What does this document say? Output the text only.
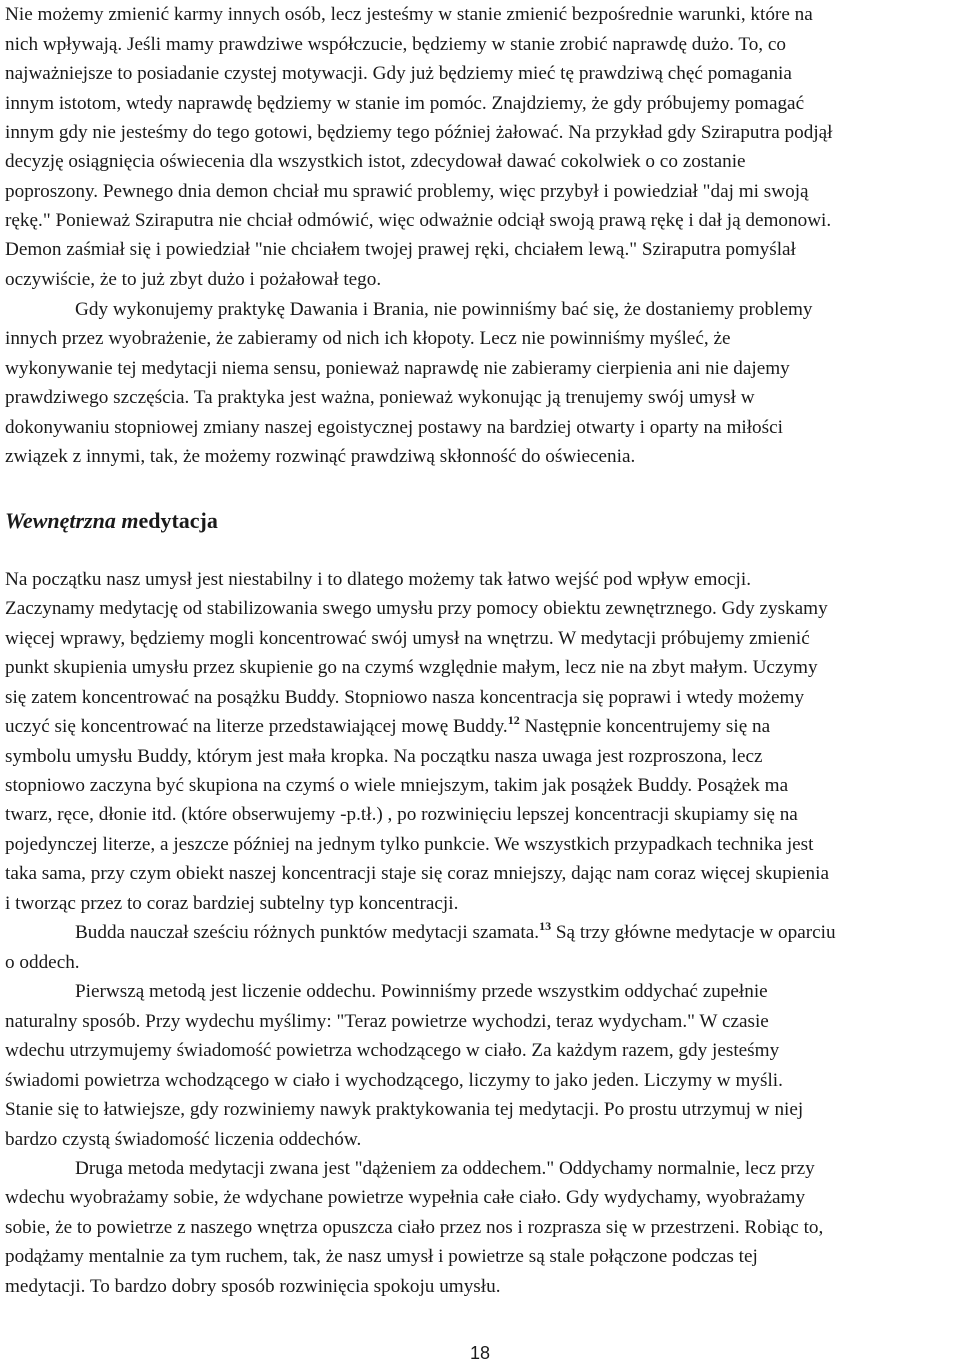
Nie możemy zmienić karmy innych osób, lecz jesteśmy w stanie zmienić bezpośrednie warunki, które na
nich wpływają. Jeśli mamy prawdziwe współczucie, będziemy w stanie zrobić naprawdę dużo. To, co
najważniejsze to posiadanie czystej motywacji. Gdy już będziemy mieć tę prawdziwą chęć pomagania
innym istotom, wtedy naprawdę będziemy w stanie im pomóc. Znajdziemy, że gdy próbujemy pomagać
innym gdy nie jesteśmy do tego gotowi, będziemy tego później żałować. Na przykład gdy Sziraputra podjął
decyzję osiągnięcia oświecenia dla wszystkich istot, zdecydował dawać cokolwiek o co zostanie
poproszony. Pewnego dnia demon chciał mu sprawić problemy, więc przybył i powiedział "daj mi swoją
rękę." Ponieważ Sziraputra nie chciał odmówić, więc odważnie odciął swoją prawą rękę i dał ją demonowi.
Demon zaśmiał się i powiedział "nie chciałem twojej prawej ręki, chciałem lewą." Sziraputra pomyślał
oczywiście, że to już zbyt dużo i pożałował tego.
Gdy wykonujemy praktykę Dawania i Brania, nie powinniśmy bać się, że dostaniemy problemy
innych przez wyobrażenie, że zabieramy od nich ich kłopoty. Lecz nie powinniśmy myśleć, że
wykonywanie tej medytacji niema sensu, ponieważ naprawdę nie zabieramy cierpienia ani nie dajemy
prawdziwego szczęścia. Ta praktyka jest ważna, ponieważ wykonując ją trenujemy swój umysł w
dokonywaniu stopniowej zmiany naszej egoistycznej postawy na bardziej otwarty i oparty na miłości
związek z innymi, tak, że możemy rozwinąć prawdziwą skłonność do oświecenia.
Wewnętrzna medytacja
Na początku nasz umysł jest niestabilny i to dlatego możemy tak łatwo wejść pod wpływ emocji.
Zaczynamy medytację od stabilizowania swego umysłu przy pomocy obiektu zewnętrznego. Gdy zyskamy
więcej wprawy, będziemy mogli koncentrować swój umysł na wnętrzu. W medytacji próbujemy zmienić
punkt skupienia umysłu przez skupienie go na czymś względnie małym, lecz nie na zbyt małym. Uczymy
się zatem koncentrować na posążku Buddy. Stopniowo nasza koncentracja się poprawi i wtedy możemy
uczyć się koncentrować na literze przedstawiającej mowę Buddy.$^{12}$ Następnie koncentrujemy się na
symbolu umysłu Buddy, którym jest mała kropka. Na początku nasza uwaga jest rozproszona, lecz
stopniowo zaczyna być skupiona na czymś o wiele mniejszym, takim jak posążek Buddy. Posążek ma
twarz, ręce, dłonie itd. (które obserwujemy -p.tł.) , po rozwinięciu lepszej koncentracji skupiamy się na
pojedynczej literze, a jeszcze później na jednym tylko punkcie. We wszystkich przypadkach technika jest
taka sama, przy czym obiekt naszej koncentracji staje się coraz mniejszy, dając nam coraz więcej skupienia
i tworząc przez to coraz bardziej subtelny typ koncentracji.
Budda nauczał sześciu różnych punktów medytacji szamata.$^{13}$ Są trzy główne medytacje w oparciu
o oddech.
Pierwszą metodą jest liczenie oddechu. Powinniśmy przede wszystkim oddychać zupełnie
naturalny sposób. Przy wydechu myślimy: "Teraz powietrze wychodzi, teraz wydycham." W czasie
wdechu utrzymujemy świadomość powietrza wchodzącego w ciało. Za każdym razem, gdy jesteśmy
świadomi powietrza wchodzącego w ciało i wychodzącego, liczymy to jako jeden. Liczymy w myśli.
Stanie się to łatwiejsze, gdy rozwiniemy nawyk praktykowania tej medytacji. Po prostu utrzymuj w niej
bardzo czystą świadomość liczenia oddechów.
Druga metoda medytacji zwana jest "dążeniem za oddechem." Oddychamy normalnie, lecz przy
wdechu wyobrażamy sobie, że wdychane powietrze wypełnia całe ciało. Gdy wydychamy, wyobrażamy
sobie, że to powietrze z naszego wnętrza opuszcza ciało przez nos i rozprasza się w przestrzeni. Robiąc to,
podążamy mentalnie za tym ruchem, tak, że nasz umysł i powietrze są stale połączone podczas tej
medytacji. To bardzo dobry sposób rozwinięcia spokoju umysłu.
18
